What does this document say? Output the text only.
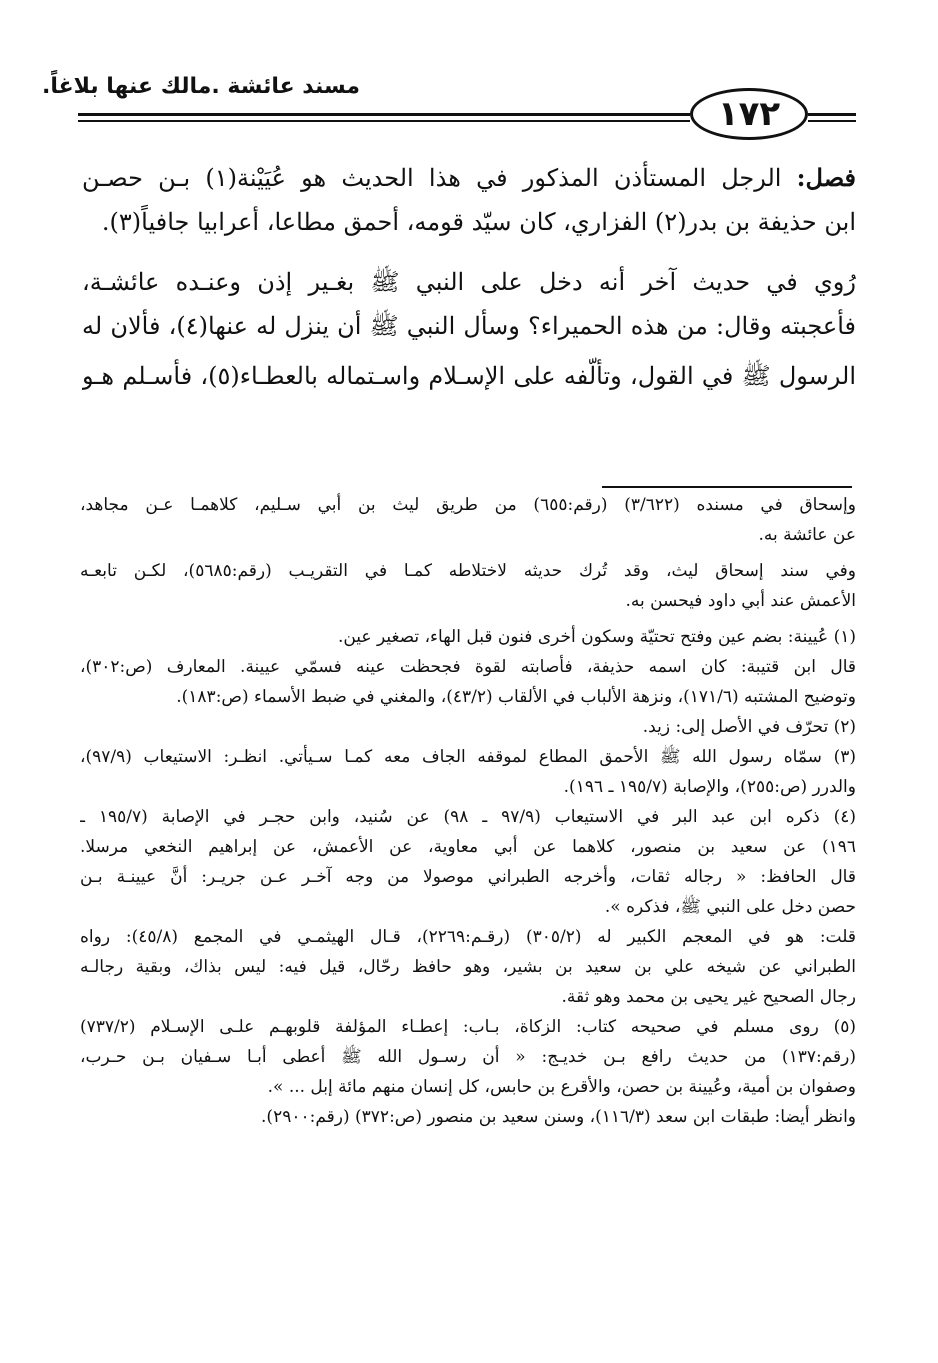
مسند عائشة .مالك عنها بلاغاً.
١٧٢
فصل: الرجل المستأذن المذكور في هذا الحديث هو عُيَيْنة(١) بـن حصـن
ابن حذيفة بن بدر(٢) الفزاري، كان سيّد قومه، أحمق مطاعا، أعرابيا جافياً(٣).
رُوي في حديث آخر أنه دخل على النبي ﷺ بغـير إذن وعنـده عائشـة،
فأعجبته وقال: من هذه الحميراء؟ وسأل النبي ﷺ أن ينزل له عنها(٤)، فألان له
الرسول ﷺ في القول، وتألّفه على الإسـلام واسـتماله بالعطـاء(٥)، فأسـلم هـو
وإسحاق في مسنده (٣/٦٢٢) (رقم:٦٥٥) من طريق ليث بن أبي سـليم، كلاهمـا عـن مجاهد،
عن عائشة به.
وفي سند إسحاق ليث، وقد تُرك حديثه لاختلاطه كمـا في التقريـب (رقم:٥٦٨٥)، لكـن تابعـه
الأعمش عند أبي داود فيحسن به.
(١) عُيينة: بضم عين وفتح تحتيّة وسكون أخرى فنون قبل الهاء، تصغير عين.
قال ابن قتيبة: كان اسمه حذيفة، فأصابته لقوة فجحظت عينه فسمّي عيينة. المعارف (ص:٣٠٢)،
وتوضيح المشتبه (١٧١/٦)، ونزهة الألباب في الألقاب (٤٣/٢)، والمغني في ضبط الأسماء (ص:١٨٣).
(٢) تحرّف في الأصل إلى: زيد.
(٣) سمّاه رسول الله ﷺ الأحمق المطاع لموقفه الجاف معه كمـا سـيأتي. انظـر: الاستيعاب (٩٧/٩)،
والدرر (ص:٢٥٥)، والإصابة (١٩٥/٧ ـ ١٩٦).
(٤) ذكره ابن عبد البر في الاستيعاب (٩٧/٩ ـ ٩٨) عن سُنيد، وابن حجـر في الإصابة (١٩٥/٧ ـ
١٩٦) عن سعيد بن منصور، كلاهما عن أبي معاوية، عن الأعمش، عن إبراهيم النخعي مرسلا.
قال الحافظ: « رجاله ثقات، وأخرجه الطبراني موصولا من وجه آخـر عـن جريـر: أنَّ عيينـة بـن
حصن دخل على النبي ﷺ، فذكره ».
قلت: هو في المعجم الكبير له (٣٠٥/٢) (رقـم:٢٢٦٩)، قـال الهيثمـي في المجمع (٤٥/٨): رواه
الطبراني عن شيخه علي بن سعيد بن بشير، وهو حافظ رحّال، قيل فيه: ليس بذاك، وبقية رجالـه
رجال الصحيح غير يحيى بن محمد وهو ثقة.
(٥) روى مسلم في صحيحه كتاب: الزكاة، بـاب: إعطـاء المؤلفة قلوبهـم علـى الإسـلام (٧٣٧/٢)
(رقم:١٣٧) من حديث رافع بـن خديـج: « أن رسـول الله ﷺ أعطى أبـا سـفيان بـن حـرب،
وصفوان بن أمية، وعُيينة بن حصن، والأقرع بن حابس، كل إنسان منهم مائة إبل ... ».
وانظر أيضا: طبقات ابن سعد (١١٦/٣)، وسنن سعيد بن منصور (ص:٣٧٢) (رقم:٢٩٠٠).
